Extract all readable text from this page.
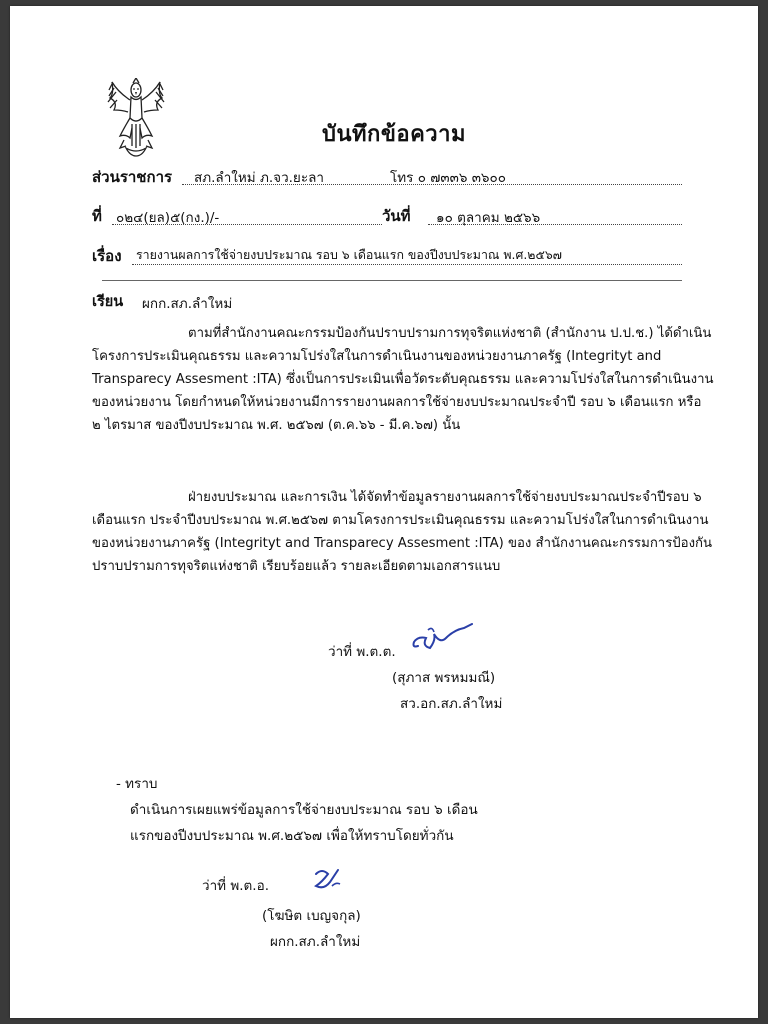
บันทึกข้อความ
ส่วนราชการ สภ.ลำใหม่ ภ.จว.ยะลา	โทร ๐ ๗๓๓๖ ๓๖๐๐
ที่ ๐๒๔(ยล)๕(กง.)/-	วันที่ ๑๐ ตุลาคม ๒๕๖๖
เรื่อง รายงานผลการใช้จ่ายงบประมาณ รอบ ๖ เดือนแรก ของปีงบประมาณ พ.ศ.๒๕๖๗
เรียน ผกก.สภ.ลำใหม่
ตามที่สำนักงานคณะกรรมป้องกันปราบปรามการทุจริตแห่งชาติ (สำนักงาน ป.ป.ช.) ได้ดำเนิน
โครงการประเมินคุณธรรม และความโปร่งใสในการดำเนินงานของหน่วยงานภาครัฐ (Integrityt and
Transparecy Assesment :ITA) ซึ่งเป็นการประเมินเพื่อวัดระดับคุณธรรม และความโปร่งใสในการดำเนินงาน
ของหน่วยงาน โดยกำหนดให้หน่วยงานมีการรายงานผลการใช้จ่ายงบประมาณประจำปี รอบ ๖ เดือนแรก หรือ
๒ ไตรมาส ของปีงบประมาณ พ.ศ. ๒๕๖๗ (ต.ค.๖๖ - มี.ค.๖๗) นั้น
ฝ่ายงบประมาณ และการเงิน ได้จัดทำข้อมูลรายงานผลการใช้จ่ายงบประมาณประจำปีรอบ ๖
เดือนแรก ประจำปีงบประมาณ พ.ศ.๒๕๖๗ ตามโครงการประเมินคุณธรรม และความโปร่งใสในการดำเนินงาน
ของหน่วยงานภาครัฐ (Integrityt and Transparecy Assesment :ITA) ของ สำนักงานคณะกรรมการป้องกัน
ปราบปรามการทุจริตแห่งชาติ เรียบร้อยแล้ว รายละเอียดตามเอกสารแนบ
ว่าที่ พ.ต.ต.
(สุภาส พรหมมณี)
สว.อก.สภ.ลำใหม่
- ทราบ
ดำเนินการเผยแพร่ข้อมูลการใช้จ่ายงบประมาณ รอบ ๖ เดือน
แรกของปีงบประมาณ พ.ศ.๒๕๖๗ เพื่อให้ทราบโดยทั่วกัน
ว่าที่ พ.ต.อ.
(โฆษิต เบญจกุล)
ผกก.สภ.ลำใหม่
